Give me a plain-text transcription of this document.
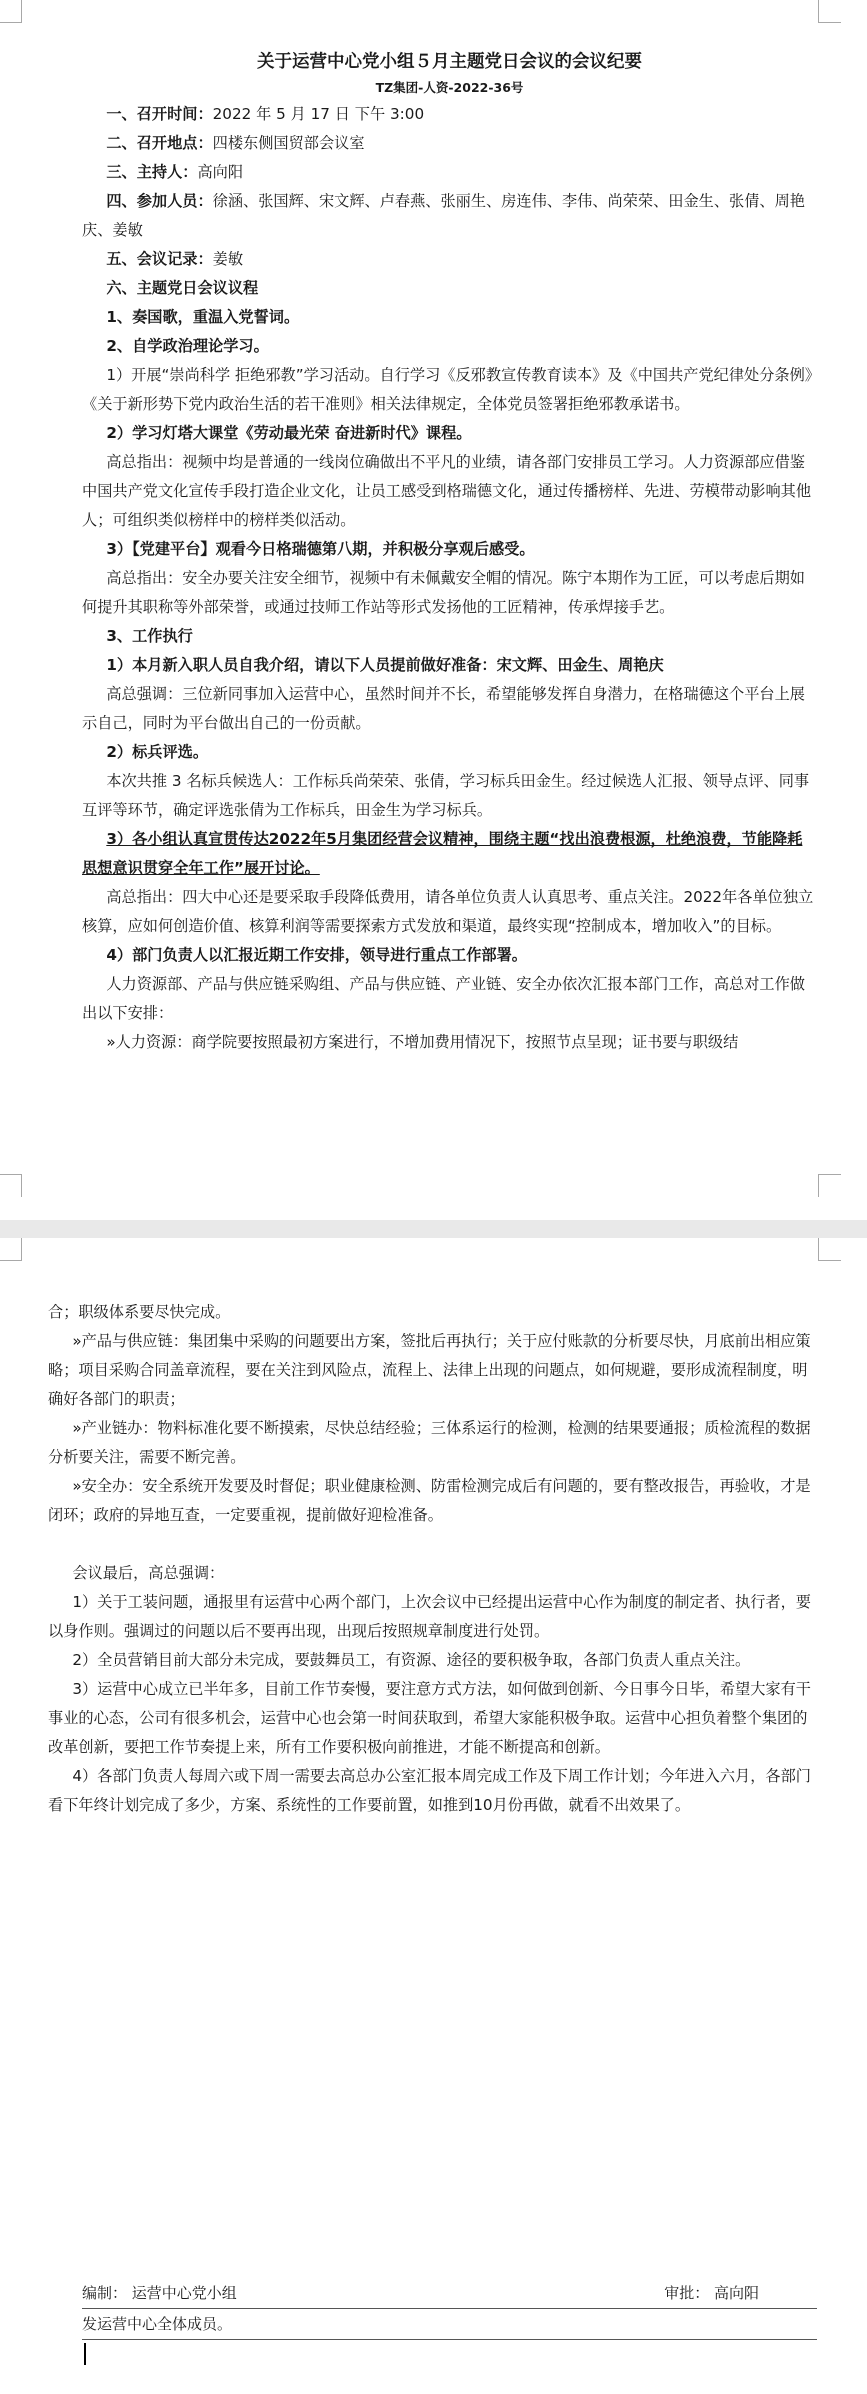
关于运营中心党小组５月主题党日会议的会议纪要

TZ集团-人资-2022-36号

一、召开时间：2022 年 5 月 17 日 下午 3:00

二、召开地点：四楼东侧国贸部会议室

三、主持人：高向阳

四、参加人员：徐涵、张国辉、宋文辉、卢春燕、张丽生、房连伟、李伟、尚荣荣、田金生、张倩、周艳庆、姜敏

五、会议记录：姜敏

六、主题党日会议议程

1、奏国歌，重温入党誓词。

2、自学政治理论学习。

1）开展“崇尚科学 拒绝邪教”学习活动。自行学习《反邪教宣传教育读本》及《中国共产党纪律处分条例》《关于新形势下党内政治生活的若干准则》相关法律规定，全体党员签署拒绝邪教承诺书。

2）学习灯塔大课堂《劳动最光荣 奋进新时代》课程。

高总指出：视频中均是普通的一线岗位确做出不平凡的业绩，请各部门安排员工学习。人力资源部应借鉴中国共产党文化宣传手段打造企业文化，让员工感受到格瑞德文化，通过传播榜样、先进、劳模带动影响其他人；可组织类似榜样中的榜样类似活动。

3）【党建平台】观看今日格瑞德第八期，并积极分享观后感受。

高总指出：安全办要关注安全细节，视频中有未佩戴安全帽的情况。陈宁本期作为工匠，可以考虑后期如何提升其职称等外部荣誉，或通过技师工作站等形式发扬他的工匠精神，传承焊接手艺。

3、工作执行

1）本月新入职人员自我介绍，请以下人员提前做好准备：宋文辉、田金生、周艳庆

高总强调：三位新同事加入运营中心，虽然时间并不长，希望能够发挥自身潜力，在格瑞德这个平台上展示自己，同时为平台做出自己的一份贡献。

2）标兵评选。

本次共推 3 名标兵候选人：工作标兵尚荣荣、张倩，学习标兵田金生。经过候选人汇报、领导点评、同事互评等环节，确定评选张倩为工作标兵，田金生为学习标兵。

3）各小组认真宣贯传达2022年5月集团经营会议精神，围绕主题“找出浪费根源，杜绝浪费，节能降耗思想意识贯穿全年工作”展开讨论。

高总指出：四大中心还是要采取手段降低费用，请各单位负责人认真思考、重点关注。2022年各单位独立核算，应如何创造价值、核算利润等需要探索方式发放和渠道，最终实现“控制成本，增加收入”的目标。

4）部门负责人以汇报近期工作安排，领导进行重点工作部署。

人力资源部、产品与供应链采购组、产品与供应链、产业链、安全办依次汇报本部门工作，高总对工作做出以下安排：

»人力资源：商学院要按照最初方案进行，不增加费用情况下，按照节点呈现；证书要与职级结

合；职级体系要尽快完成。

»产品与供应链：集团集中采购的问题要出方案，签批后再执行；关于应付账款的分析要尽快，月底前出相应策略；项目采购合同盖章流程，要在关注到风险点，流程上、法律上出现的问题点，如何规避，要形成流程制度，明确好各部门的职责；

»产业链办：物料标准化要不断摸索，尽快总结经验；三体系运行的检测，检测的结果要通报；质检流程的数据分析要关注，需要不断完善。

»安全办：安全系统开发要及时督促；职业健康检测、防雷检测完成后有问题的，要有整改报告，再验收，才是闭环；政府的异地互查，一定要重视，提前做好迎检准备。

会议最后，高总强调：

1）关于工装问题，通报里有运营中心两个部门，上次会议中已经提出运营中心作为制度的制定者、执行者，要以身作则。强调过的问题以后不要再出现，出现后按照规章制度进行处罚。

2）全员营销目前大部分未完成，要鼓舞员工，有资源、途径的要积极争取，各部门负责人重点关注。

3）运营中心成立已半年多，目前工作节奏慢，要注意方式方法，如何做到创新、今日事今日毕，希望大家有干事业的心态，公司有很多机会，运营中心也会第一时间获取到，希望大家能积极争取。运营中心担负着整个集团的改革创新，要把工作节奏提上来，所有工作要积极向前推进，才能不断提高和创新。

4）各部门负责人每周六或下周一需要去高总办公室汇报本周完成工作及下周工作计划；今年进入六月，各部门看下年终计划完成了多少，方案、系统性的工作要前置，如推到10月份再做，就看不出效果了。

编制： 运营中心党小组	审批： 高向阳
发运营中心全体成员。
